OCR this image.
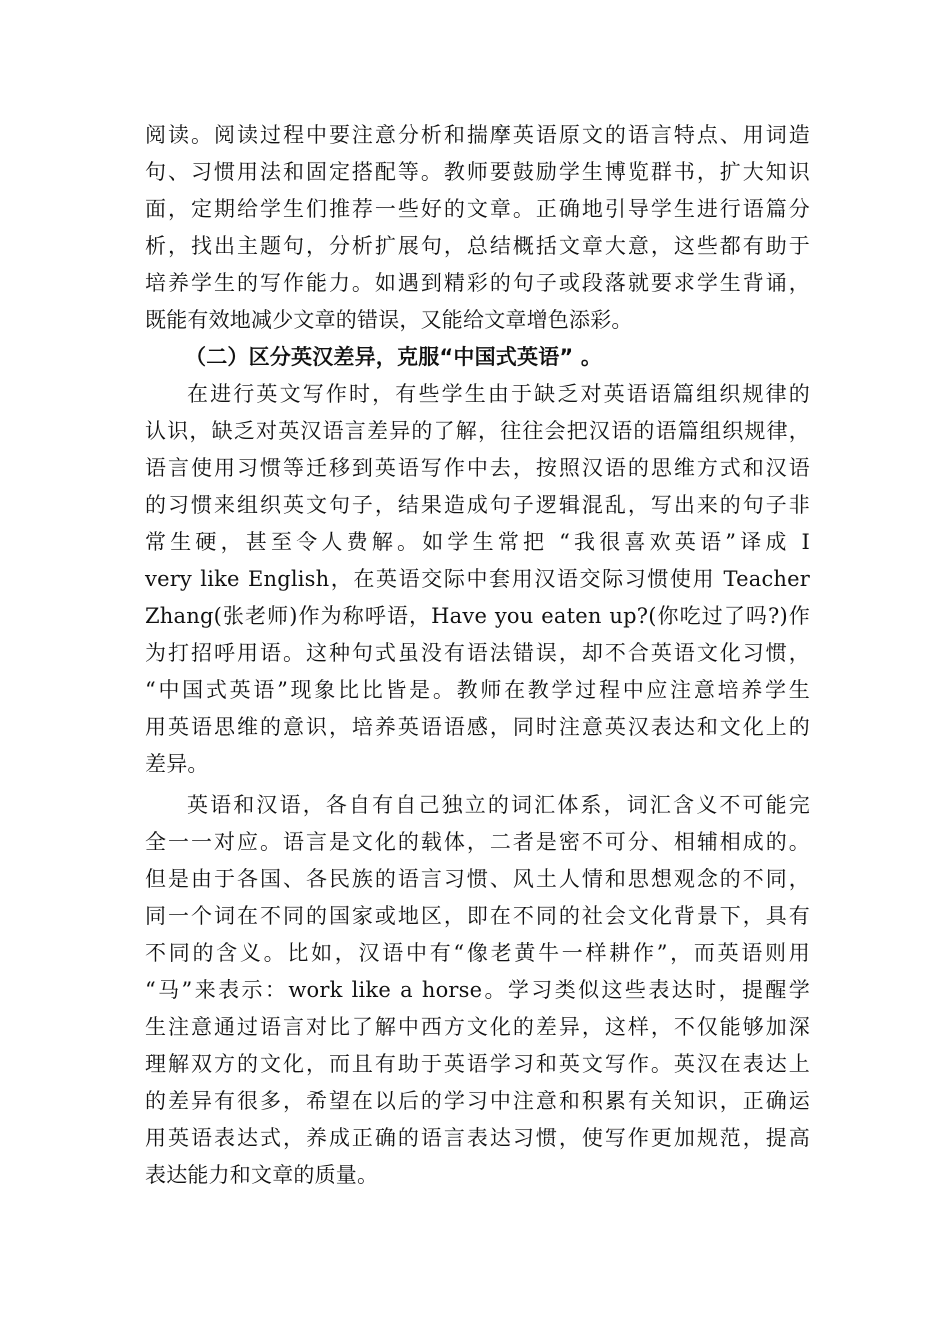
阅读。阅读过程中要注意分析和揣摩英语原文的语言特点、用词造
句、习惯用法和固定搭配等。教师要鼓励学生博览群书，扩大知识
面，定期给学生们推荐一些好的文章。正确地引导学生进行语篇分
析，找出主题句，分析扩展句，总结概括文章大意，这些都有助于
培养学生的写作能力。如遇到精彩的句子或段落就要求学生背诵，
既能有效地减少文章的错误，又能给文章增色添彩。
（二）区分英汉差异，克服“中国式英语” 。
在进行英文写作时，有些学生由于缺乏对英语语篇组织规律的
认识，缺乏对英汉语言差异的了解，往往会把汉语的语篇组织规律，
语言使用习惯等迁移到英语写作中去，按照汉语的思维方式和汉语
的习惯来组织英文句子，结果造成句子逻辑混乱，写出来的句子非
常生硬，甚至令人费解。如学生常把 “我很喜欢英语”译成 I
very like English，在英语交际中套用汉语交际习惯使用 Teacher
Zhang(张老师)作为称呼语，Have you eaten up?(你吃过了吗?)作
为打招呼用语。这种句式虽没有语法错误，却不合英语文化习惯，
“中国式英语”现象比比皆是。教师在教学过程中应注意培养学生
用英语思维的意识，培养英语语感，同时注意英汉表达和文化上的
差异。
英语和汉语，各自有自己独立的词汇体系，词汇含义不可能完
全一一对应。语言是文化的载体，二者是密不可分、相辅相成的。
但是由于各国、各民族的语言习惯、风土人情和思想观念的不同，
同一个词在不同的国家或地区，即在不同的社会文化背景下，具有
不同的含义。比如，汉语中有“像老黄牛一样耕作”，而英语则用
“马”来表示：work like a horse。学习类似这些表达时，提醒学
生注意通过语言对比了解中西方文化的差异，这样，不仅能够加深
理解双方的文化，而且有助于英语学习和英文写作。英汉在表达上
的差异有很多，希望在以后的学习中注意和积累有关知识，正确运
用英语表达式，养成正确的语言表达习惯，使写作更加规范，提高
表达能力和文章的质量。
